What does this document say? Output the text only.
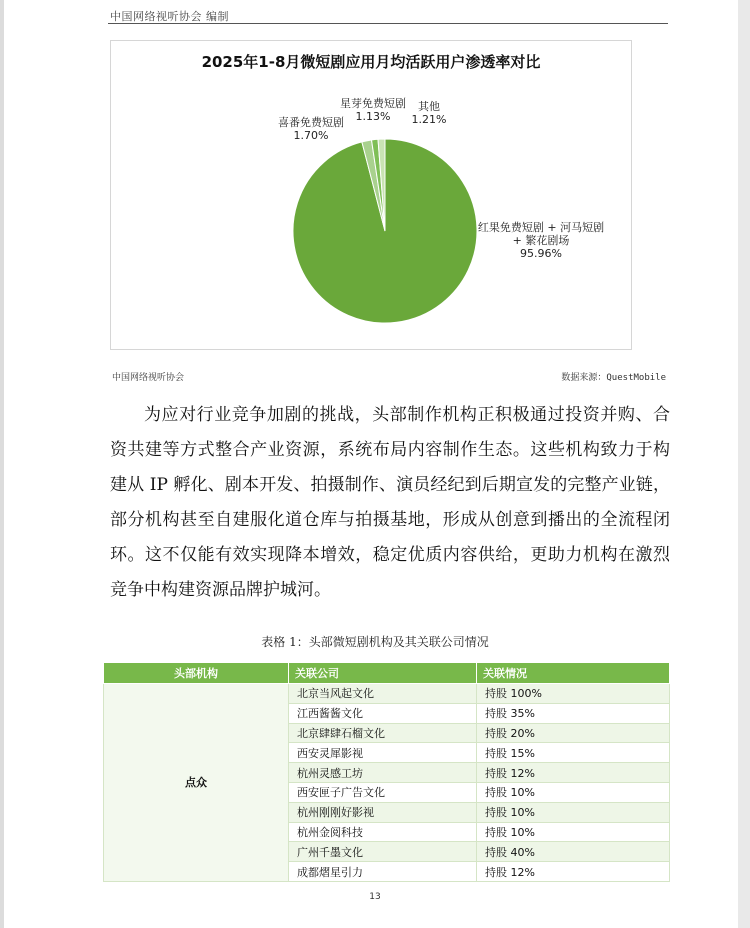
中国网络视听协会 编制
红果免费短剧 + 河马短剧
+ 繁花剧场
95.96%
喜番免费短剧
1.70%
星芽免费短剧
1.13%
其他
1.21%
2025年1-8月微短剧应用月均活跃用户渗透率对比
中国网络视听协会	数据来源：QuestMobile

为应对行业竞争加剧的挑战，头部制作机构正积极通过投资并购、合资共建等方式整合产业资源，系统布局内容制作生态。这些机构致力于构建从 IP 孵化、剧本开发、拍摄制作、演员经纪到后期宣发的完整产业链，部分机构甚至自建服化道仓库与拍摄基地，形成从创意到播出的全流程闭环。这不仅能有效实现降本增效，稳定优质内容供给，更助力机构在激烈竞争中构建资源品牌护城河。

表格 1：头部微短剧机构及其关联公司情况
头部机构	关联公司	关联情况
点众	北京当风起文化	持股 100%
	江西酱酱文化	持股 35%
	北京肆肆石榴文化	持股 20%
	西安灵犀影视	持股 15%
	杭州灵感工坊	持股 12%
	西安匣子广告文化	持股 10%
	杭州刚刚好影视	持股 10%
	杭州金阅科技	持股 10%
	广州千墨文化	持股 40%
	成都熠星引力	持股 12%
13
